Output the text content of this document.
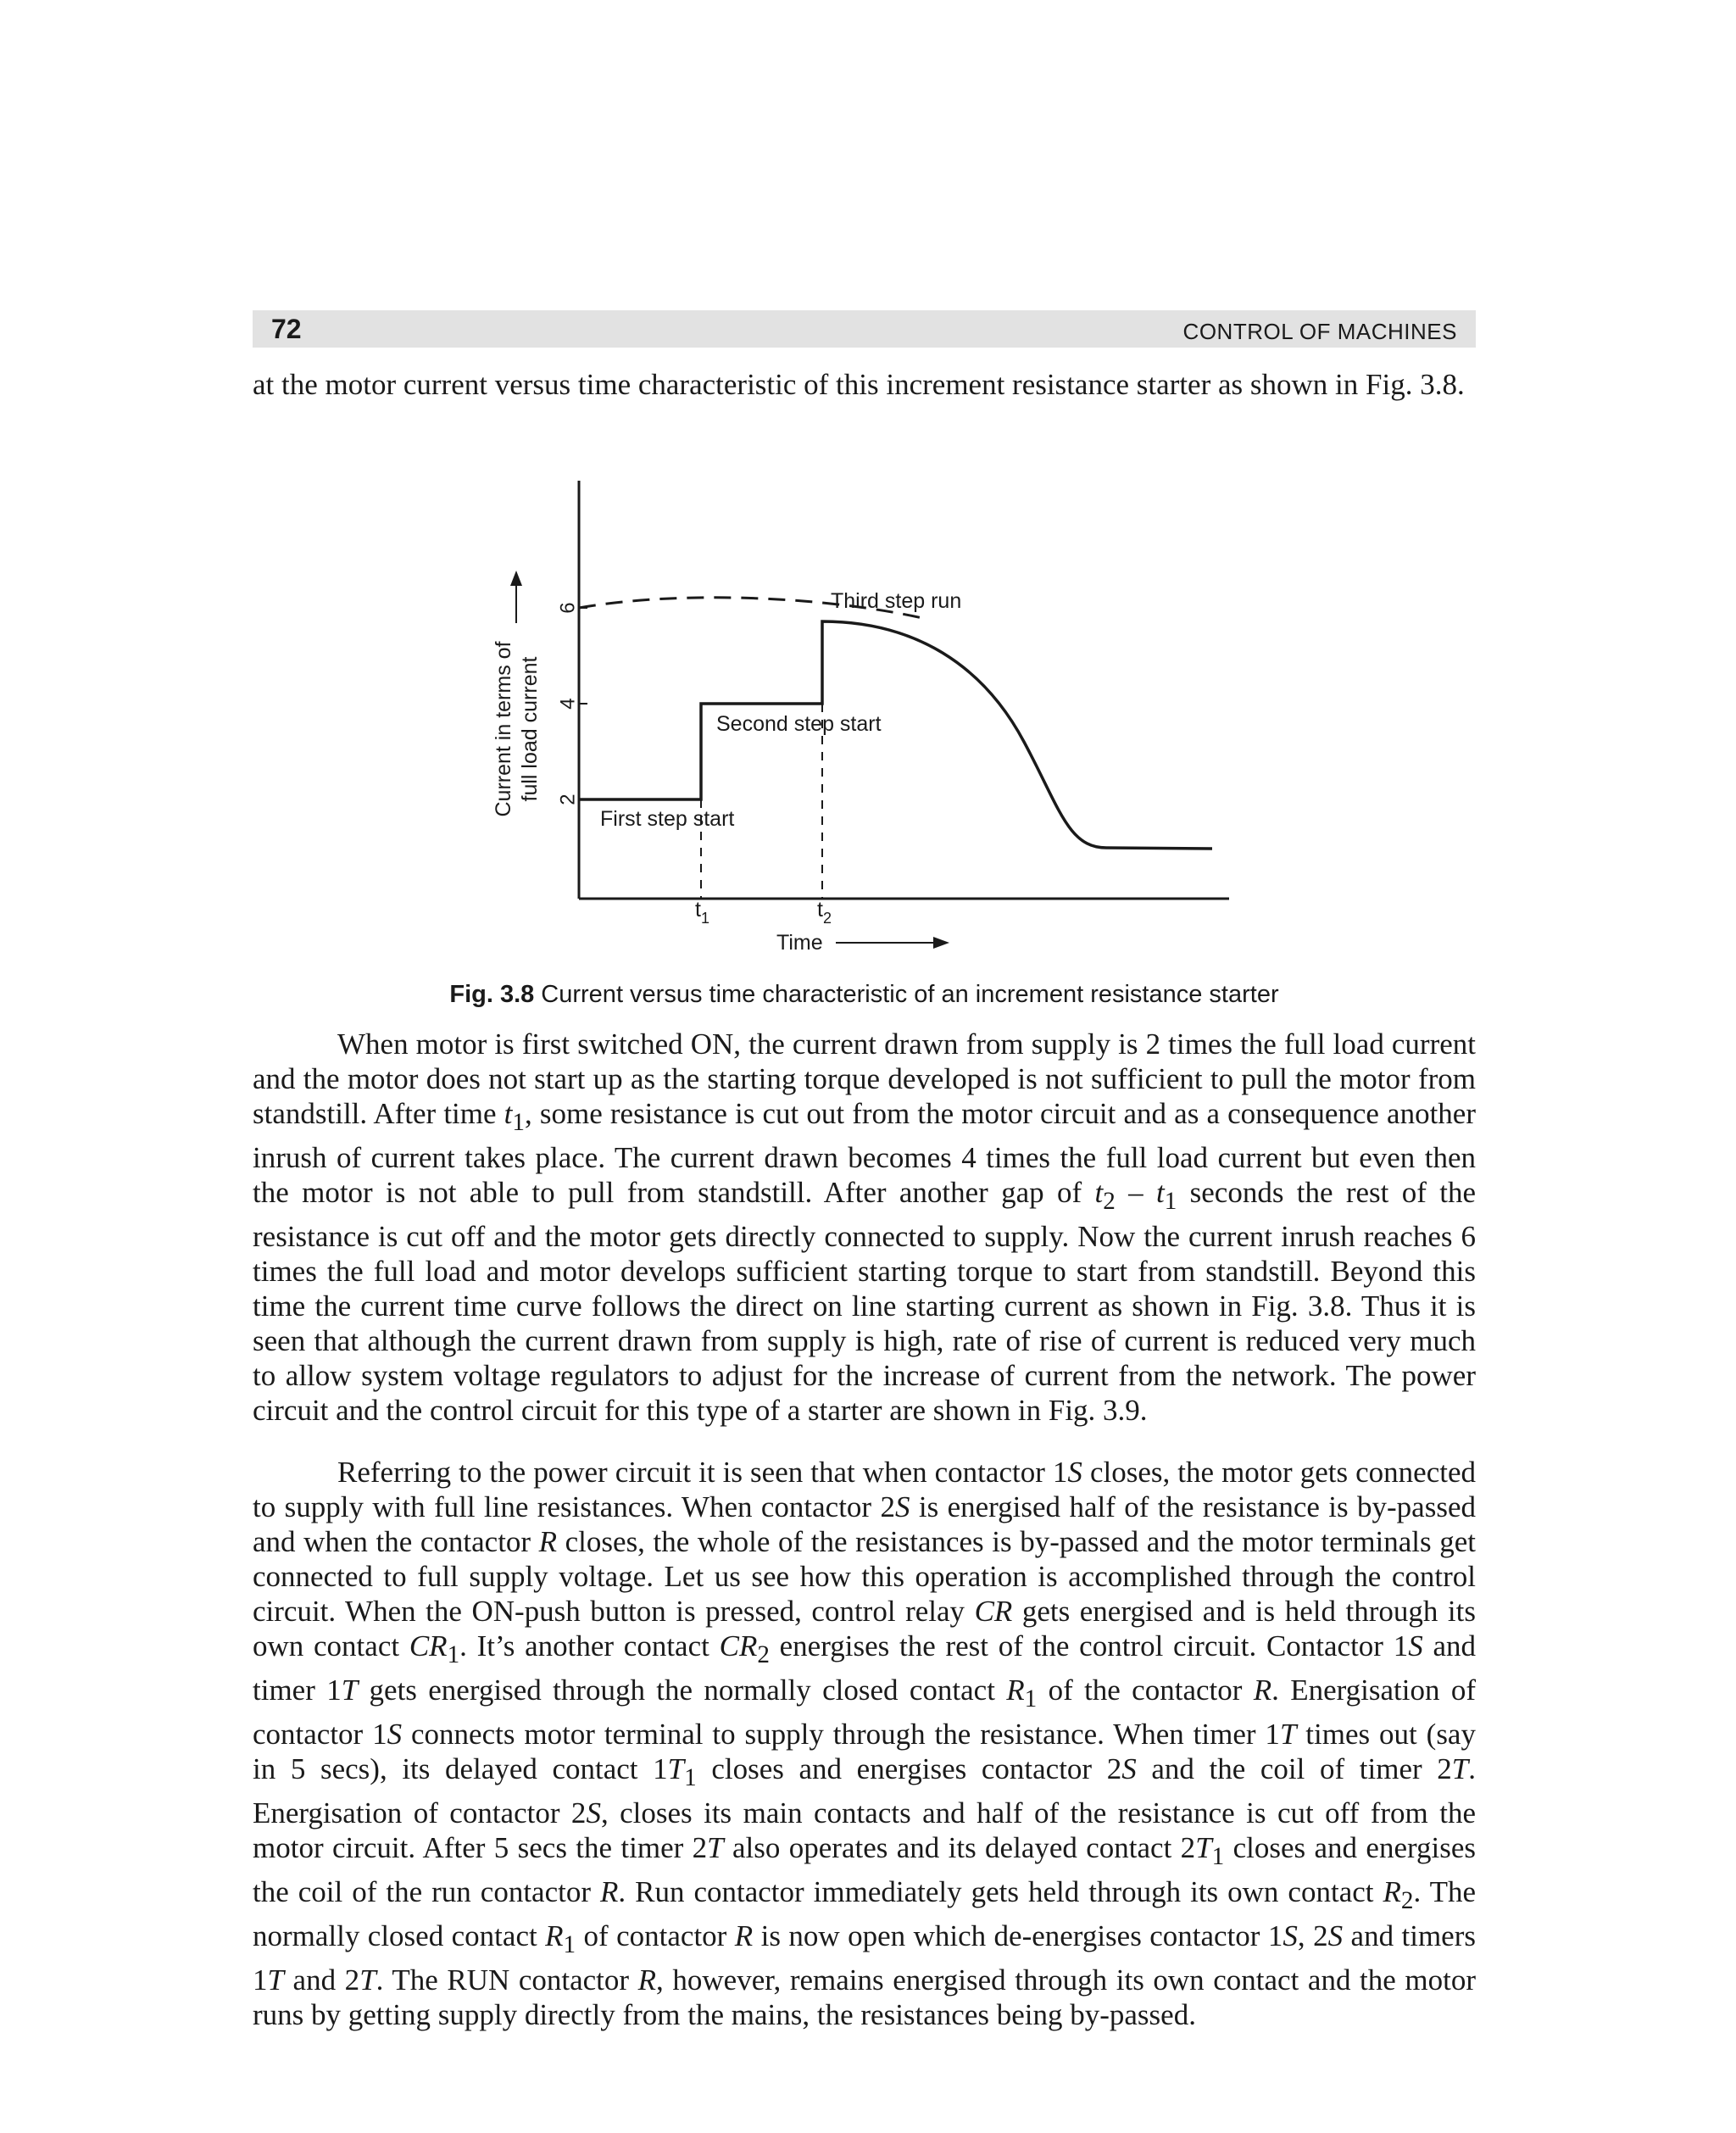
72	CONTROL OF MACHINES

at the motor current versus time characteristic of this increment resistance starter as shown in Fig. 3.8.

2
4
6
Current in terms of full load current
First step start
Second step start
Third step run
$t_1$	$t_2$
Time
Fig. 3.8 Current versus time characteristic of an increment resistance starter

When motor is first switched ON, the current drawn from supply is 2 times the full load current and the motor does not start up as the starting torque developed is not sufficient to pull the motor from standstill. After time $t_1$, some resistance is cut out from the motor circuit and as a consequence another inrush of current takes place. The current drawn becomes 4 times the full load current but even then the motor is not able to pull from standstill. After another gap of $t_2 - t_1$ seconds the rest of the resistance is cut off and the motor gets directly connected to supply. Now the current inrush reaches 6 times the full load and motor develops sufficient starting torque to start from standstill. Beyond this time the current time curve follows the direct on line starting current as shown in Fig. 3.8. Thus it is seen that although the current drawn from supply is high, rate of rise of current is reduced very much to allow system voltage regulators to adjust for the increase of current from the network. The power circuit and the control circuit for this type of a starter are shown in Fig. 3.9.

Referring to the power circuit it is seen that when contactor 1S closes, the motor gets connected to supply with full line resistances. When contactor 2S is energised half of the resistance is by-passed and when the contactor R closes, the whole of the resistances is by-passed and the motor terminals get connected to full supply voltage. Let us see how this operation is accomplished through the control circuit. When the ON-push button is pressed, control relay CR gets energised and is held through its own contact $CR_1$. It’s another contact $CR_2$ energises the rest of the control circuit. Contactor 1S and timer 1T gets energised through the normally closed contact $R_1$ of the contactor R. Energisation of contactor 1S connects motor terminal to supply through the resistance. When timer 1T times out (say in 5 secs), its delayed contact $1T_1$ closes and energises contactor 2S and the coil of timer 2T. Energisation of contactor 2S, closes its main contacts and half of the resistance is cut off from the motor circuit. After 5 secs the timer 2T also operates and its delayed contact $2T_1$ closes and energises the coil of the run contactor R. Run contactor immediately gets held through its own contact $R_2$. The normally closed contact $R_1$ of contactor R is now open which de-energises contactor 1S, 2S and timers 1T and 2T. The RUN contactor R, however, remains energised through its own contact and the motor runs by getting supply directly from the mains, the resistances being by-passed.
